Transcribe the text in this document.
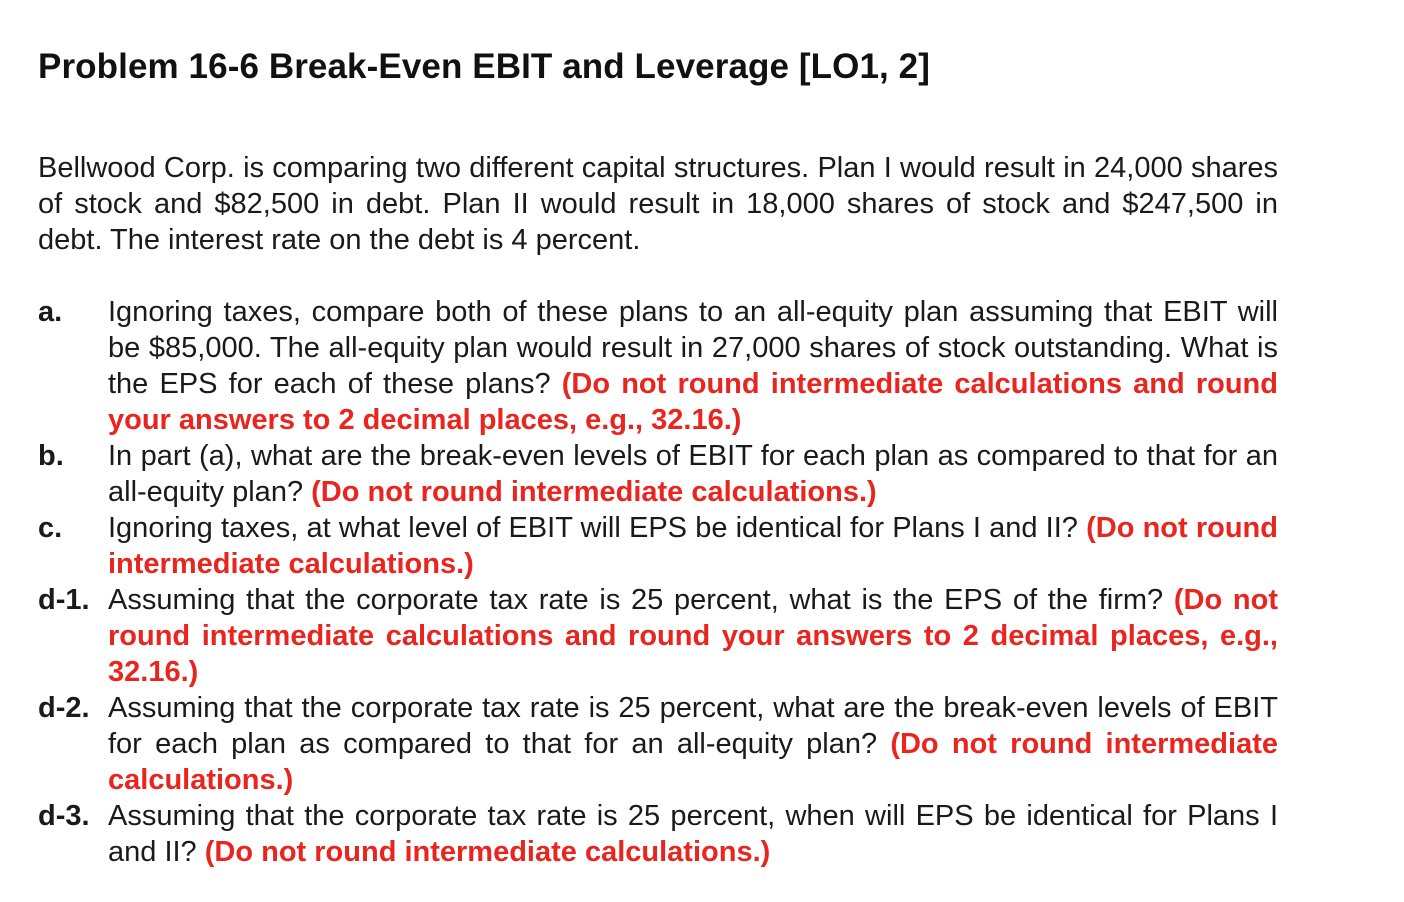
Problem 16-6 Break-Even EBIT and Leverage [LO1, 2]

Bellwood Corp. is comparing two different capital structures. Plan I would result in 24,000 shares of stock and $82,500 in debt. Plan II would result in 18,000 shares of stock and $247,500 in debt. The interest rate on the debt is 4 percent.

a.	Ignoring taxes, compare both of these plans to an all-equity plan assuming that EBIT will be $85,000. The all-equity plan would result in 27,000 shares of stock outstanding. What is the EPS for each of these plans? (Do not round intermediate calculations and round your answers to 2 decimal places, e.g., 32.16.)
b.	In part (a), what are the break-even levels of EBIT for each plan as compared to that for an all-equity plan? (Do not round intermediate calculations.)
c.	Ignoring taxes, at what level of EBIT will EPS be identical for Plans I and II? (Do not round intermediate calculations.)
d-1. Assuming that the corporate tax rate is 25 percent, what is the EPS of the firm? (Do not round intermediate calculations and round your answers to 2 decimal places, e.g., 32.16.)
d-2. Assuming that the corporate tax rate is 25 percent, what are the break-even levels of EBIT for each plan as compared to that for an all-equity plan? (Do not round intermediate calculations.)
d-3. Assuming that the corporate tax rate is 25 percent, when will EPS be identical for Plans I and II? (Do not round intermediate calculations.)
